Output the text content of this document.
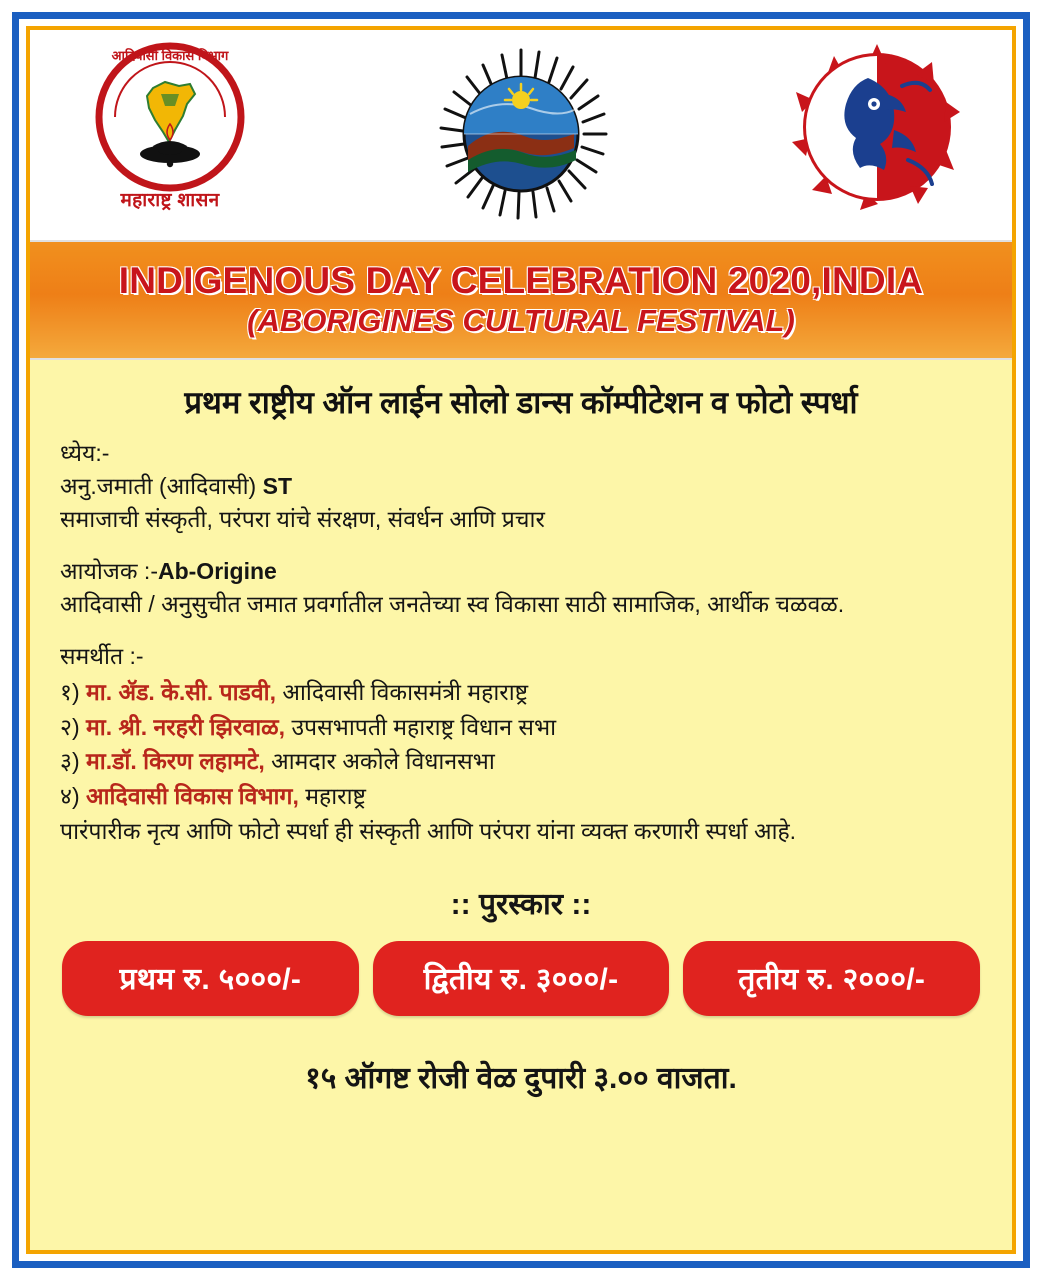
आदिवासी विकास विभाग
महाराष्ट्र शासन
INDIGENOUS DAY CELEBRATION 2020,INDIA
(ABORIGINES CULTURAL FESTIVAL)
प्रथम राष्ट्रीय ऑन लाईन सोलो डान्स कॉम्पीटेशन व फोटो स्पर्धा
ध्येय:-
अनु.जमाती (आदिवासी) ST
समाजाची संस्कृती, परंपरा यांचे संरक्षण, संवर्धन आणि प्रचार
आयोजक :-Ab-Origine
आदिवासी / अनुसुचीत जमात प्रवर्गातील जनतेच्या स्व विकासा साठी सामाजिक, आर्थीक चळवळ.
समर्थीत :-
१) मा. ॲड. के.सी. पाडवी, आदिवासी विकासमंत्री महाराष्ट्र
२) मा. श्री. नरहरी झिरवाळ, उपसभापती महाराष्ट्र विधान सभा
३) मा.डॉ. किरण लहामटे, आमदार अकोले विधानसभा
४) आदिवासी विकास विभाग, महाराष्ट्र
पारंपारीक नृत्य आणि फोटो स्पर्धा ही संस्कृती आणि परंपरा यांना व्यक्त करणारी स्पर्धा आहे.
:: पुरस्कार ::
प्रथम रु. ५०००/-	द्वितीय रु. ३०००/-	तृतीय रु. २०००/-
१५ ऑगष्ट रोजी वेळ दुपारी ३.०० वाजता.
